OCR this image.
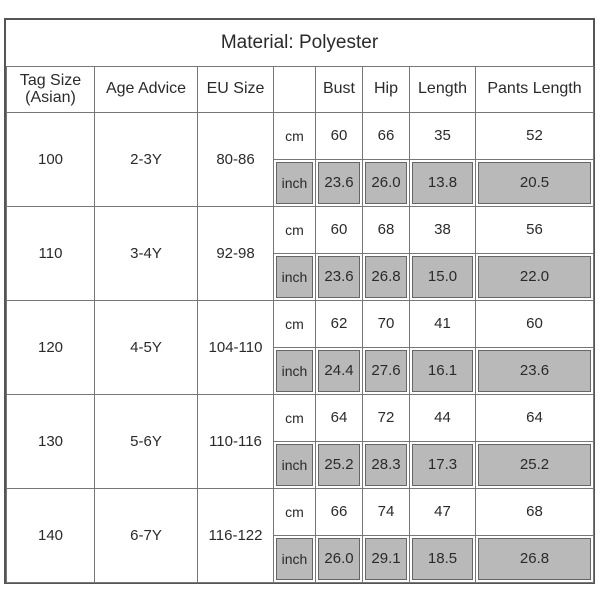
Material: Polyester
Tag Size (Asian)	Age Advice	EU Size		Bust	Hip	Length	Pants Length
100	2-3Y	80-86	cm	60	66	35	52
			inch	23.6	26.0	13.8	20.5
110	3-4Y	92-98	cm	60	68	38	56
			inch	23.6	26.8	15.0	22.0
120	4-5Y	104-110	cm	62	70	41	60
			inch	24.4	27.6	16.1	23.6
130	5-6Y	110-116	cm	64	72	44	64
			inch	25.2	28.3	17.3	25.2
140	6-7Y	116-122	cm	66	74	47	68
			inch	26.0	29.1	18.5	26.8
